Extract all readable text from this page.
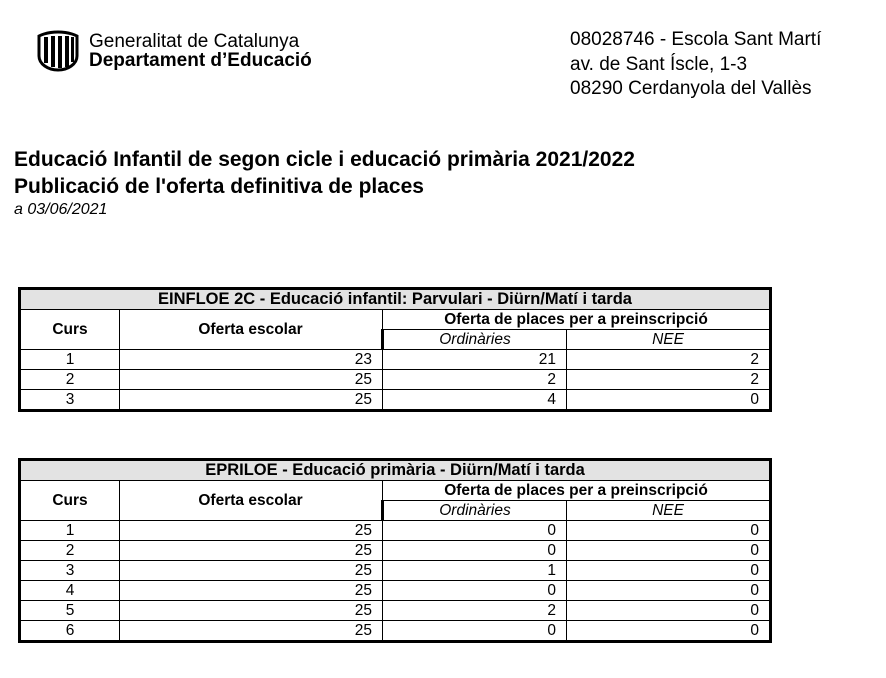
Generalitat de Catalunya
Departament d’Educació
08028746 - Escola Sant Martí
av. de Sant Íscle, 1-3
08290 Cerdanyola del Vallès
Educació Infantil de segon cicle i educació primària 2021/2022
Publicació de l'oferta definitiva de places
a 03/06/2021
EINFLOE 2C - Educació infantil: Parvulari - Diürn/Matí i tarda			
Curs	Oferta escolar	Oferta de places per a preinscripció	
		Ordinàries	NEE
1	23	21	2
2	25	2	2
3	25	4	0
EPRILOE - Educació primària - Diürn/Matí i tarda			
Curs	Oferta escolar	Oferta de places per a preinscripció	
		Ordinàries	NEE
1	25	0	0
2	25	0	0
3	25	1	0
4	25	0	0
5	25	2	0
6	25	0	0
